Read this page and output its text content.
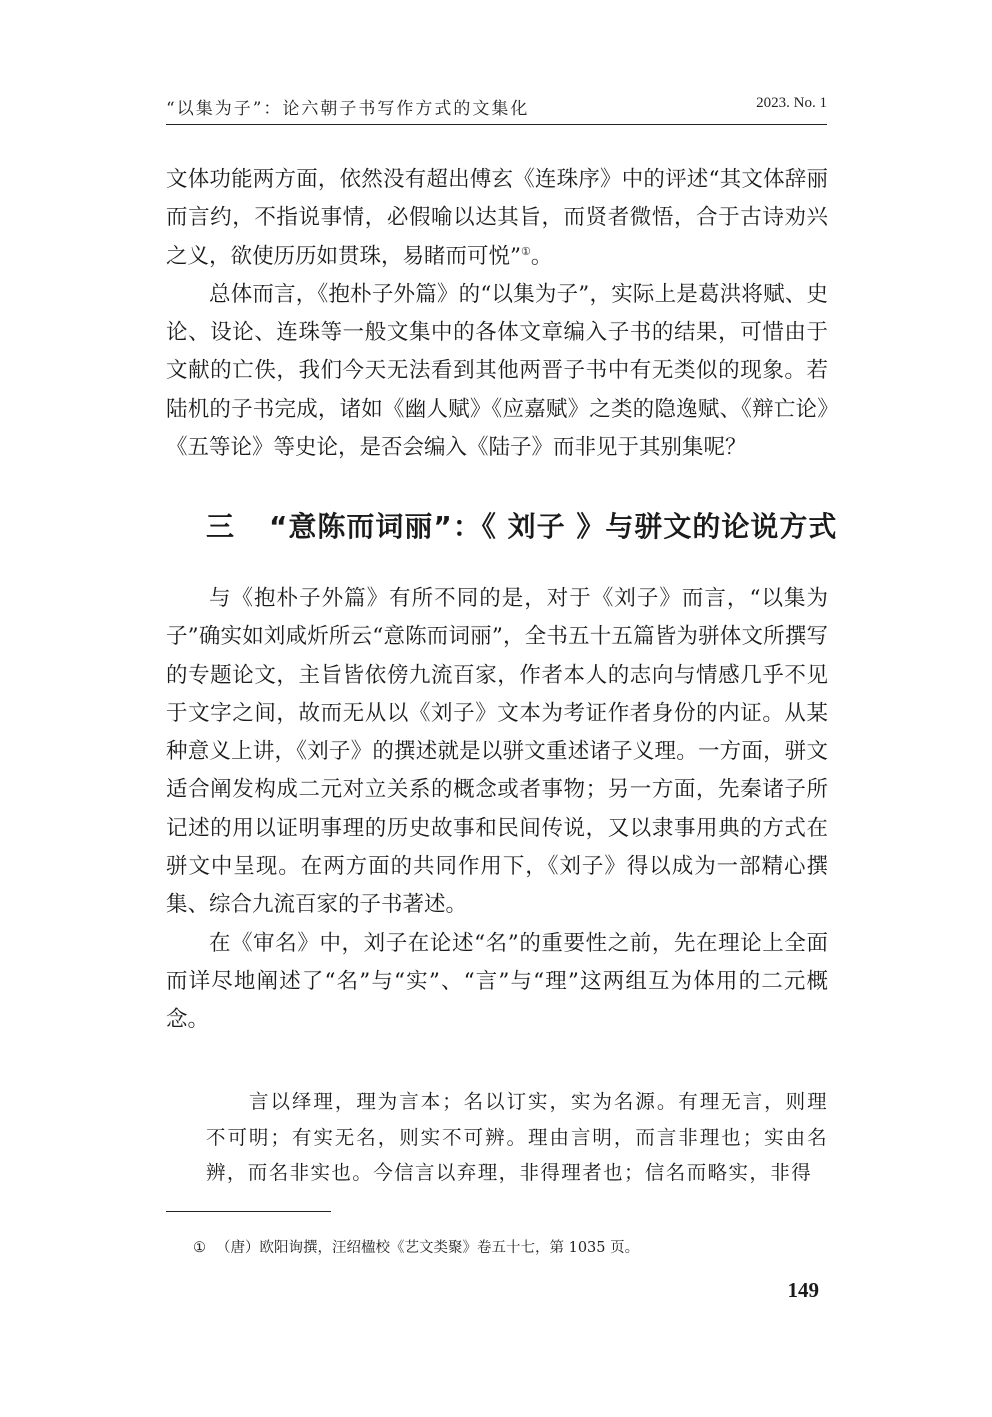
“以集为子”：论六朝子书写作方式的文集化	2023. No. 1

文体功能两方面，依然没有超出傅玄《连珠序》中的评述“其文体辞丽而言约，不指说事情，必假喻以达其旨，而贤者微悟，合于古诗劝兴之义，欲使历历如贯珠，易睹而可悦”①。

总体而言，《抱朴子外篇》的“以集为子”，实际上是葛洪将赋、史论、设论、连珠等一般文集中的各体文章编入子书的结果，可惜由于文献的亡佚，我们今天无法看到其他两晋子书中有无类似的现象。若陆机的子书完成，诸如《幽人赋》《应嘉赋》之类的隐逸赋、《辩亡论》《五等论》等史论，是否会编入《陆子》而非见于其别集呢？

三 “意陈而词丽”：《 刘子 》与骈文的论说方式

与《抱朴子外篇》有所不同的是，对于《刘子》而言，“以集为子”确实如刘咸炘所云“意陈而词丽”，全书五十五篇皆为骈体文所撰写的专题论文，主旨皆依傍九流百家，作者本人的志向与情感几乎不见于文字之间，故而无从以《刘子》文本为考证作者身份的内证。从某种意义上讲，《刘子》的撰述就是以骈文重述诸子义理。一方面，骈文适合阐发构成二元对立关系的概念或者事物；另一方面，先秦诸子所记述的用以证明事理的历史故事和民间传说，又以隶事用典的方式在骈文中呈现。在两方面的共同作用下，《刘子》得以成为一部精心撰集、综合九流百家的子书著述。

在《审名》中，刘子在论述“名”的重要性之前，先在理论上全面而详尽地阐述了“名”与“实”、“言”与“理”这两组互为体用的二元概念。

言以绎理，理为言本；名以订实，实为名源。有理无言，则理不可明；有实无名，则实不可辨。理由言明，而言非理也；实由名辨，而名非实也。今信言以弃理，非得理者也；信名而略实，非得

① （唐）欧阳询撰，汪绍楹校《艺文类聚》卷五十七，第 1035 页。
149
